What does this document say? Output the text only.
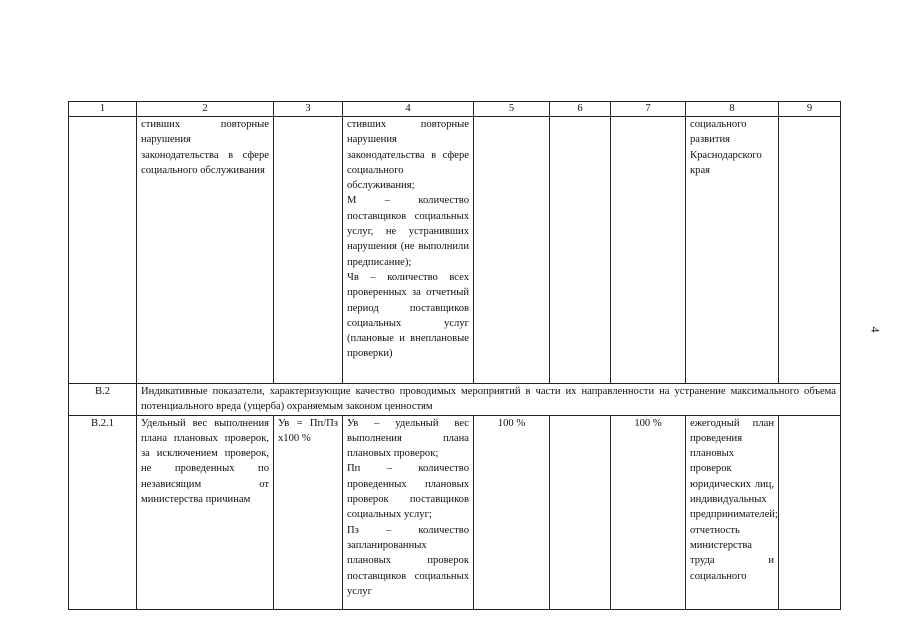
1	2	3	4	5	6	7	8	9
	стивших повторные нарушения законодательства в сфере социального обслуживания		стивших повторные нарушения законодательства в сфере социального обслуживания;
М – количество поставщиков социальных услуг, не устранивших нарушения (не выполнили предписание);
Чв – количество всех проверенных за отчетный период поставщиков социальных услуг (плановые и внеплановые проверки)				социального развития Краснодарского края	
В.2	Индикативные показатели, характеризующие качество проводимых мероприятий в части их направленности на устранение максимального объема потенциального вреда (ущерба) охраняемым законом ценностям							
В.2.1	Удельный вес выполнения плана плановых проверок, за исключением проверок, не проведенных по независящим от министерства причинам	Ув = Пп/Пз х100 %	Ув – удельный вес выполнения плана плановых проверок;
Пп – количество проведенных плановых проверок поставщиков социальных услуг;
Пз – количество запланированных плановых проверок поставщиков социальных услуг	100 %		100 %	ежегодный план проведения плановых проверок юридических лиц, индивидуальных предпринимателей; отчетность министерства труда и социального	
4
